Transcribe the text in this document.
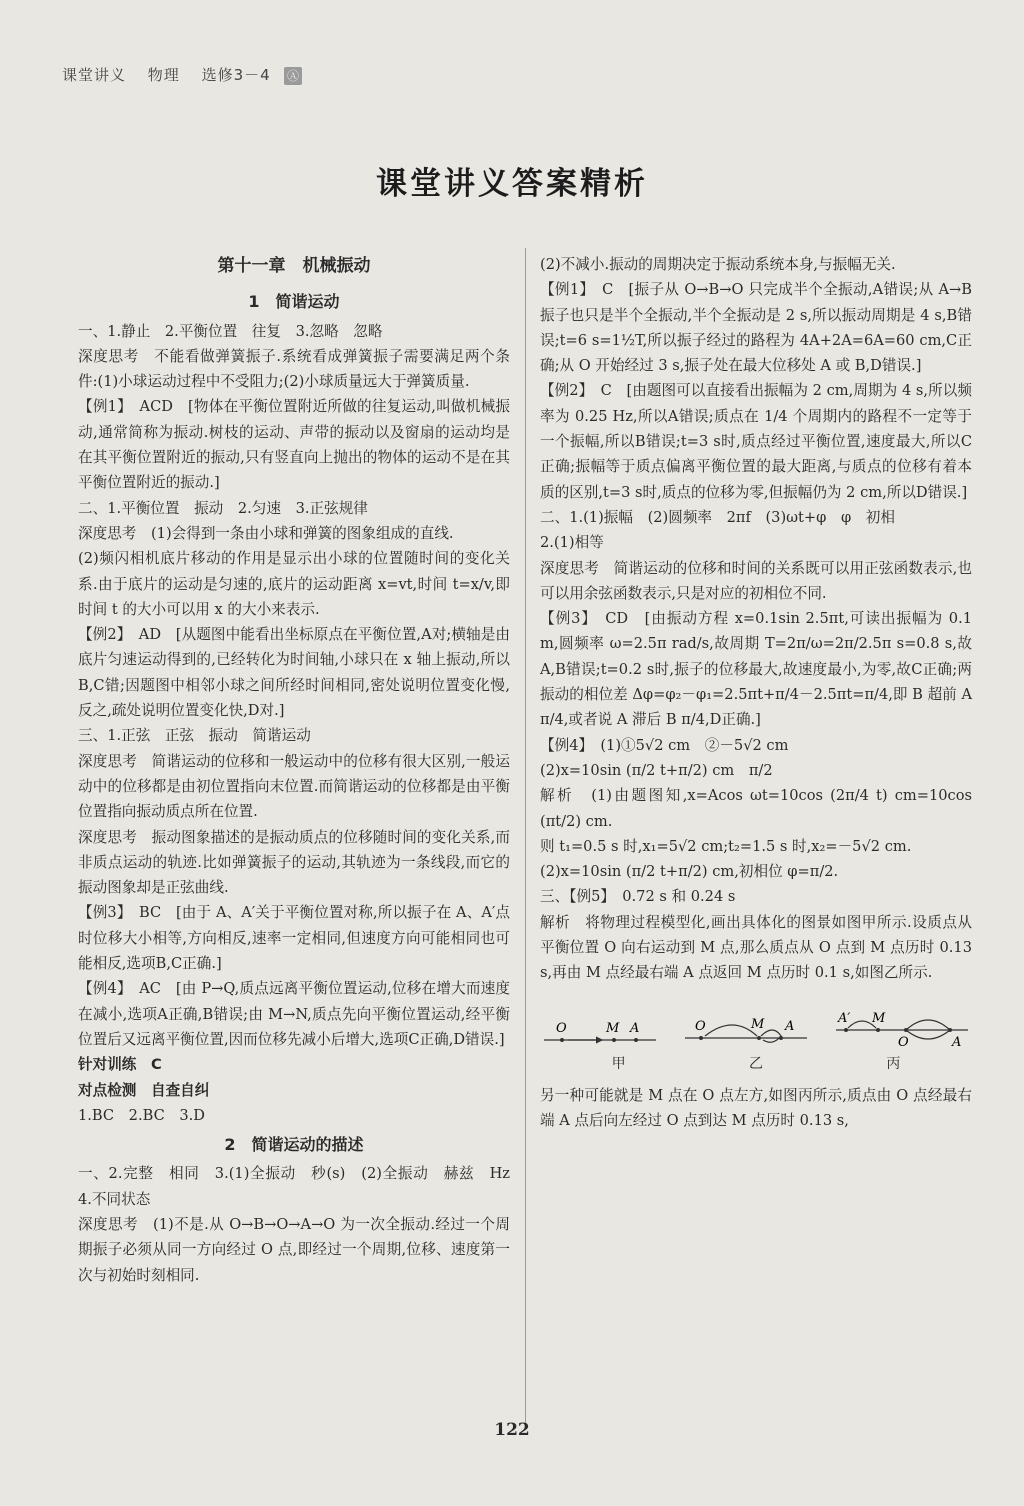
课堂讲义 物理 选修3－4 Ⓐ
课堂讲义答案精析
第十一章　机械振动
1　简谐运动

一、1.静止　2.平衡位置　往复　3.忽略　忽略

深度思考　不能看做弹簧振子.系统看成弹簧振子需要满足两个条件:(1)小球运动过程中不受阻力;(2)小球质量远大于弹簧质量.

【例1】　ACD　[物体在平衡位置附近所做的往复运动,叫做机械振动,通常简称为振动.树枝的运动、声带的振动以及窗扇的运动均是在其平衡位置附近的振动,只有竖直向上抛出的物体的运动不是在其平衡位置附近的振动.]

二、1.平衡位置　振动　2.匀速　3.正弦规律

深度思考　(1)会得到一条由小球和弹簧的图象组成的直线.

(2)频闪相机底片移动的作用是显示出小球的位置随时间的变化关系.由于底片的运动是匀速的,底片的运动距离 x=vt,时间 t=x/v,即时间 t 的大小可以用 x 的大小来表示.

【例2】　AD　[从题图中能看出坐标原点在平衡位置,A对;横轴是由底片匀速运动得到的,已经转化为时间轴,小球只在 x 轴上振动,所以B,C错;因题图中相邻小球之间所经时间相同,密处说明位置变化慢,反之,疏处说明位置变化快,D对.]

三、1.正弦　正弦　振动　简谐运动

深度思考　简谐运动的位移和一般运动中的位移有很大区别,一般运动中的位移都是由初位置指向末位置.而简谐运动的位移都是由平衡位置指向振动质点所在位置.

深度思考　振动图象描述的是振动质点的位移随时间的变化关系,而非质点运动的轨迹.比如弹簧振子的运动,其轨迹为一条线段,而它的振动图象却是正弦曲线.

【例3】　BC　[由于 A、A′关于平衡位置对称,所以振子在 A、A′点时位移大小相等,方向相反,速率一定相同,但速度方向可能相同也可能相反,选项B,C正确.]

【例4】　AC　[由 P→Q,质点远离平衡位置运动,位移在增大而速度在减小,选项A正确,B错误;由 M→N,质点先向平衡位置运动,经平衡位置后又远离平衡位置,因而位移先减小后增大,选项C正确,D错误.]

针对训练　C

对点检测　自查自纠

1.BC　2.BC　3.D

2　简谐运动的描述

一、2.完整　相同　3.(1)全振动　秒(s)　(2)全振动　赫兹　Hz　4.不同状态

深度思考　(1)不是.从 O→B→O→A→O 为一次全振动.经过一个周期振子必须从同一方向经过 O 点,即经过一个周期,位移、速度第一次与初始时刻相同.

(2)不减小.振动的周期决定于振动系统本身,与振幅无关.

【例1】　C　[振子从 O→B→O 只完成半个全振动,A错误;从 A→B 振子也只是半个全振动,半个全振动是 2 s,所以振动周期是 4 s,B错误;t=6 s=1½T,所以振子经过的路程为 4A+2A=6A=60 cm,C正确;从 O 开始经过 3 s,振子处在最大位移处 A 或 B,D错误.]

【例2】　C　[由题图可以直接看出振幅为 2 cm,周期为 4 s,所以频率为 0.25 Hz,所以A错误;质点在 1/4 个周期内的路程不一定等于一个振幅,所以B错误;t=3 s时,质点经过平衡位置,速度最大,所以C正确;振幅等于质点偏离平衡位置的最大距离,与质点的位移有着本质的区别,t=3 s时,质点的位移为零,但振幅仍为 2 cm,所以D错误.]

二、1.(1)振幅　(2)圆频率　2πf　(3)ωt+φ　φ　初相

2.(1)相等

深度思考　简谐运动的位移和时间的关系既可以用正弦函数表示,也可以用余弦函数表示,只是对应的初相位不同.

【例3】　CD　[由振动方程 x=0.1sin 2.5πt,可读出振幅为 0.1 m,圆频率 ω=2.5π rad/s,故周期 T=2π/ω=2π/2.5π s=0.8 s,故A,B错误;t=0.2 s时,振子的位移最大,故速度最小,为零,故C正确;两振动的相位差 Δφ=φ₂－φ₁=2.5πt+π/4－2.5πt=π/4,即 B 超前 A π/4,或者说 A 滞后 B π/4,D正确.]

【例4】　(1)①5√2 cm　②－5√2 cm

(2)x=10sin (π/2 t+π/2) cm　π/2

解析　(1)由题图知,x=Acos ωt=10cos (2π/4 t) cm=10cos (πt/2) cm.

则 t₁=0.5 s 时,x₁=5√2 cm;t₂=1.5 s 时,x₂=－5√2 cm.

(2)x=10sin (π/2 t+π/2) cm,初相位 φ=π/2.

三、【例5】　0.72 s 和 0.24 s

解析　将物理过程模型化,画出具体化的图景如图甲所示.设质点从平衡位置 O 向右运动到 M 点,那么质点从 O 点到 M 点历时 0.13 s,再由 M 点经最右端 A 点返回 M 点历时 0.1 s,如图乙所示.

O	M A	O	M A
A′ M
O	A
甲	乙	丙

另一种可能就是 M 点在 O 点左方,如图丙所示,质点由 O 点经最右端 A 点后向左经过 O 点到达 M 点历时 0.13 s,

122
